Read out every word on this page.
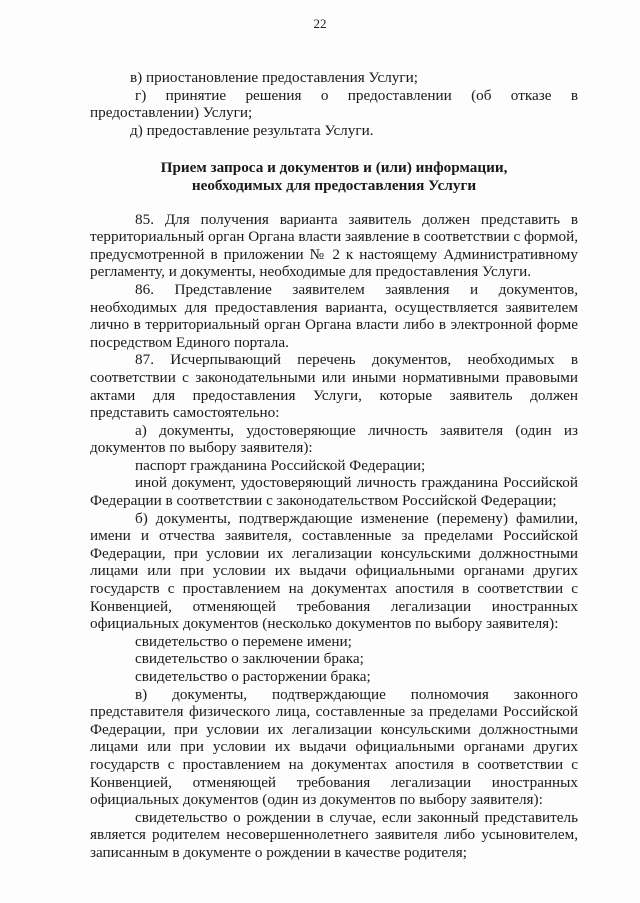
22

в) приостановление предоставления Услуги;

г) принятие решения о предоставлении (об отказе в предоставлении) Услуги;

д) предоставление результата Услуги.

Прием запроса и документов и (или) информации,
необходимых для предоставления Услуги

85. Для получения варианта заявитель должен представить в территориальный орган Органа власти заявление в соответствии с формой, предусмотренной в приложении № 2 к настоящему Административному регламенту, и документы, необходимые для предоставления Услуги.

86. Представление заявителем заявления и документов, необходимых для предоставления варианта, осуществляется заявителем лично в территориальный орган Органа власти либо в электронной форме посредством Единого портала.

87. Исчерпывающий перечень документов, необходимых в соответствии с законодательными или иными нормативными правовыми актами для предоставления Услуги, которые заявитель должен представить самостоятельно:

а) документы, удостоверяющие личность заявителя (один из документов по выбору заявителя):

паспорт гражданина Российской Федерации;

иной документ, удостоверяющий личность гражданина Российской Федерации в соответствии с законодательством Российской Федерации;

б) документы, подтверждающие изменение (перемену) фамилии, имени и отчества заявителя, составленные за пределами Российской Федерации, при условии их легализации консульскими должностными лицами или при условии их выдачи официальными органами других государств с проставлением на документах апостиля в соответствии с Конвенцией, отменяющей требования легализации иностранных официальных документов (несколько документов по выбору заявителя):

свидетельство о перемене имени;

свидетельство о заключении брака;

свидетельство о расторжении брака;

в) документы, подтверждающие полномочия законного представителя физического лица, составленные за пределами Российской Федерации, при условии их легализации консульскими должностными лицами или при условии их выдачи официальными органами других государств с проставлением на документах апостиля в соответствии с Конвенцией, отменяющей требования легализации иностранных официальных документов (один из документов по выбору заявителя):

свидетельство о рождении в случае, если законный представитель является родителем несовершеннолетнего заявителя либо усыновителем, записанным в документе о рождении в качестве родителя;
